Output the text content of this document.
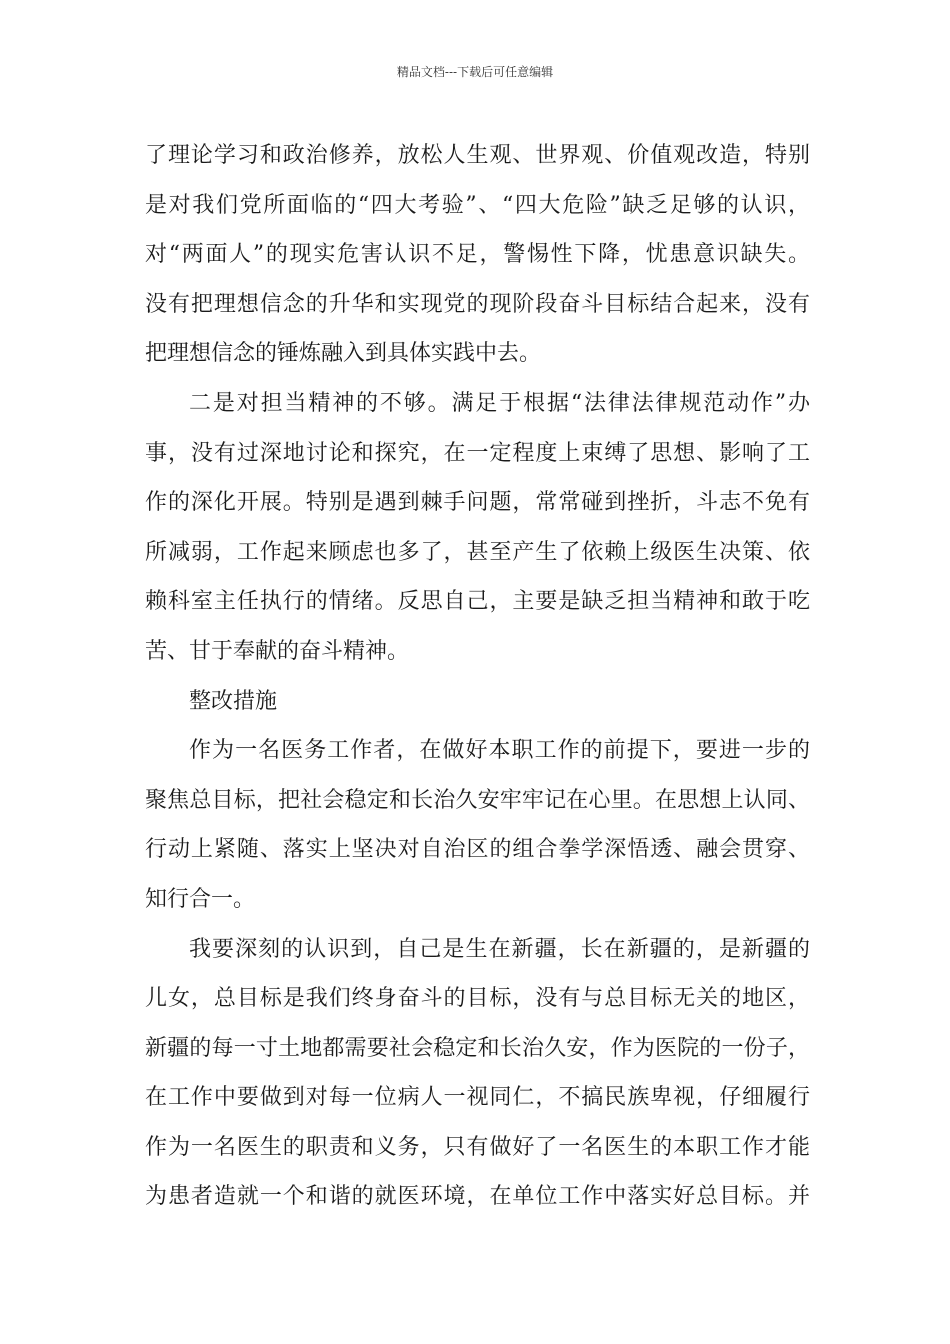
精品文档---下载后可任意编辑
了理论学习和政治修养，放松人生观、世界观、价值观改造，特别
是对我们党所面临的“四大考验”、“四大危险”缺乏足够的认识，
对“两面人”的现实危害认识不足，警惕性下降，忧患意识缺失。
没有把理想信念的升华和实现党的现阶段奋斗目标结合起来，没有
把理想信念的锤炼融入到具体实践中去。
二是对担当精神的不够。满足于根据“法律法律规范动作”办
事，没有过深地讨论和探究，在一定程度上束缚了思想、影响了工
作的深化开展。特别是遇到棘手问题，常常碰到挫折，斗志不免有
所减弱，工作起来顾虑也多了，甚至产生了依赖上级医生决策、依
赖科室主任执行的情绪。反思自己，主要是缺乏担当精神和敢于吃
苦、甘于奉献的奋斗精神。
整改措施
作为一名医务工作者，在做好本职工作的前提下，要进一步的
聚焦总目标，把社会稳定和长治久安牢牢记在心里。在思想上认同、
行动上紧随、落实上坚决对自治区的组合拳学深悟透、融会贯穿、
知行合一。
我要深刻的认识到，自己是生在新疆，长在新疆的，是新疆的
儿女，总目标是我们终身奋斗的目标，没有与总目标无关的地区，
新疆的每一寸土地都需要社会稳定和长治久安，作为医院的一份子，
在工作中要做到对每一位病人一视同仁，不搞民族卑视，仔细履行
作为一名医生的职责和义务，只有做好了一名医生的本职工作才能
为患者造就一个和谐的就医环境，在单位工作中落实好总目标。并
